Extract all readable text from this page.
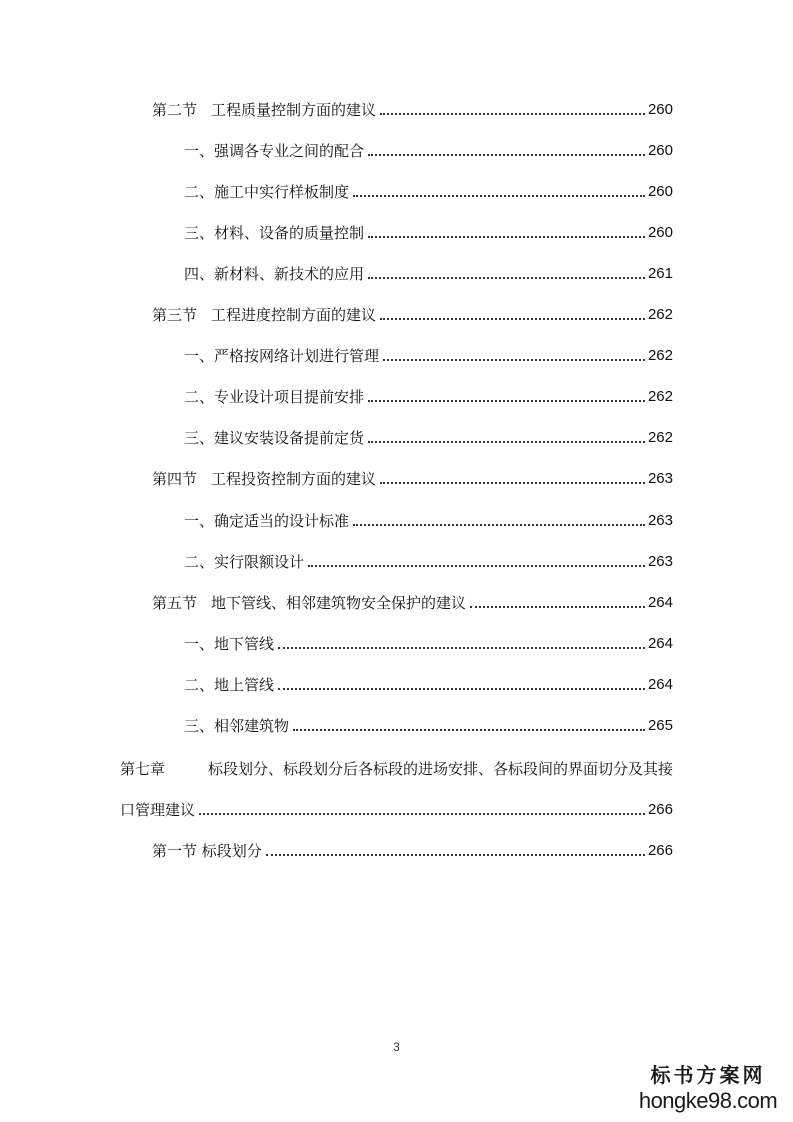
第二节 工程质量控制方面的建议	260
一、强调各专业之间的配合	260
二、施工中实行样板制度	260
三、材料、设备的质量控制	260
四、新材料、新技术的应用	261
第三节 工程进度控制方面的建议	262
一、严格按网络计划进行管理	262
二、专业设计项目提前安排	262
三、建议安装设备提前定货	262
第四节 工程投资控制方面的建议	263
一、确定适当的设计标准	263
二、实行限额设计	263
第五节 地下管线、相邻建筑物安全保护的建议	264
一、地下管线	264
二、地上管线	264
三、相邻建筑物	265
第七章	标段划分、标段划分后各标段的进场安排、各标段间的界面切分及其接
口管理建议	266
第一节 标段划分	266
3
标书方案网
hongke98.com
